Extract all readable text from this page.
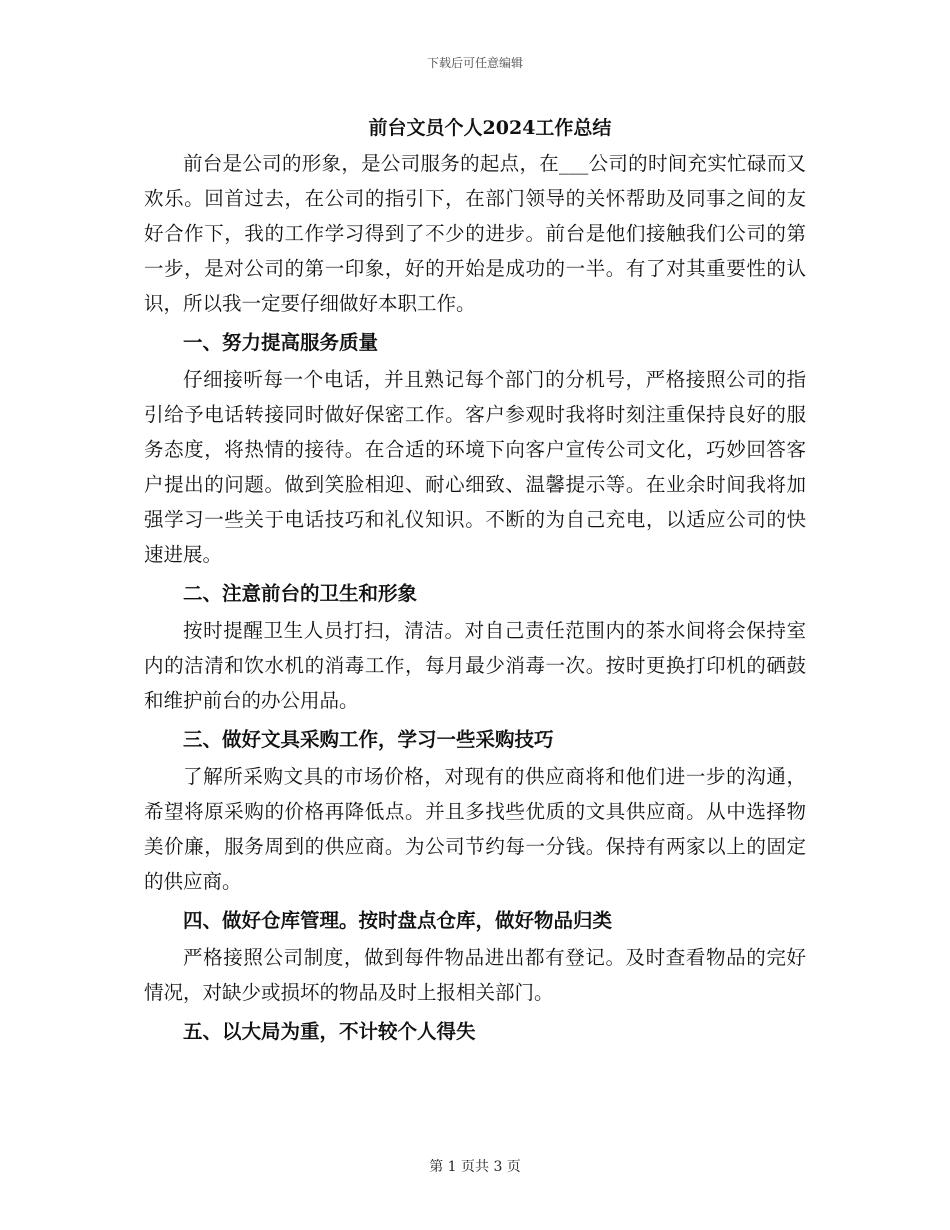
下载后可任意编辑
前台文员个人2024工作总结

前台是公司的形象，是公司服务的起点，在___公司的时间充实忙碌而又欢乐。回首过去，在公司的指引下，在部门领导的关怀帮助及同事之间的友好合作下，我的工作学习得到了不少的进步。前台是他们接触我们公司的第一步，是对公司的第一印象，好的开始是成功的一半。有了对其重要性的认识，所以我一定要仔细做好本职工作。

一、努力提高服务质量

仔细接听每一个电话，并且熟记每个部门的分机号，严格接照公司的指引给予电话转接同时做好保密工作。客户参观时我将时刻注重保持良好的服务态度，将热情的接待。在合适的环境下向客户宣传公司文化，巧妙回答客户提出的问题。做到笑脸相迎、耐心细致、温馨提示等。在业余时间我将加强学习一些关于电话技巧和礼仪知识。不断的为自己充电，以适应公司的快速进展。

二、注意前台的卫生和形象

按时提醒卫生人员打扫，清洁。对自己责任范围内的茶水间将会保持室内的洁清和饮水机的消毒工作，每月最少消毒一次。按时更换打印机的硒鼓和维护前台的办公用品。

三、做好文具采购工作，学习一些采购技巧

了解所采购文具的市场价格，对现有的供应商将和他们进一步的沟通，希望将原采购的价格再降低点。并且多找些优质的文具供应商。从中选择物美价廉，服务周到的供应商。为公司节约每一分钱。保持有两家以上的固定的供应商。

四、做好仓库管理。按时盘点仓库，做好物品归类

严格接照公司制度，做到每件物品进出都有登记。及时查看物品的完好情况，对缺少或损坏的物品及时上报相关部门。

五、以大局为重，不计较个人得失

第 1 页共 3 页
